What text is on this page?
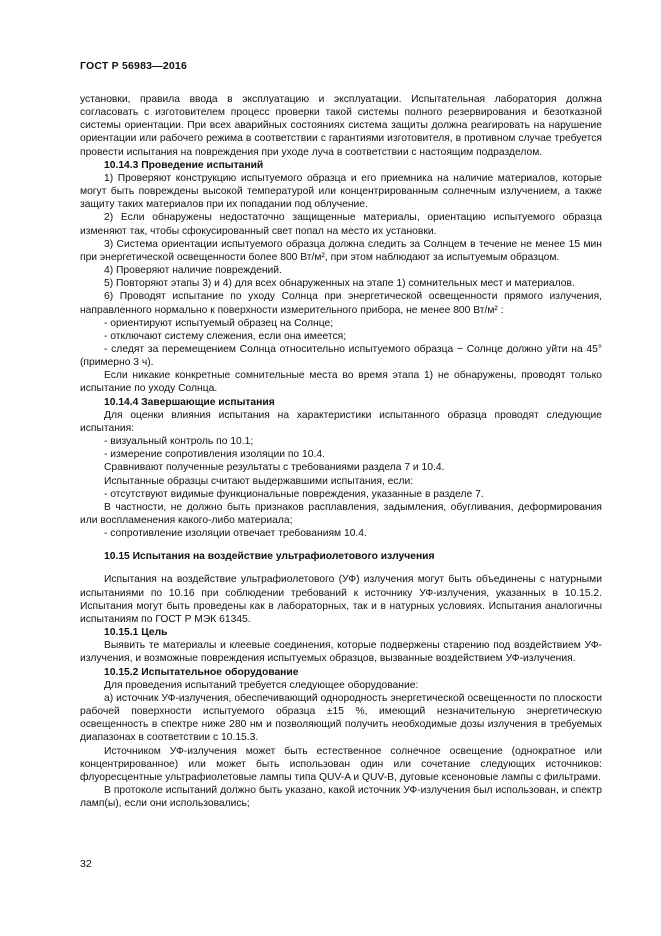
ГОСТ Р 56983—2016

установки, правила ввода в эксплуатацию и эксплуатации. Испытательная лаборатория должна согласовать с изготовителем процесс проверки такой системы полного резервирования и безотказной системы ориентации. При всех аварийных состояниях система защиты должна реагировать на нарушение ориентации или рабочего режима в соответствии с гарантиями изготовителя, в противном случае требуется провести испытания на повреждения при уходе луча в соответствии с настоящим подразделом.

10.14.3 Проведение испытаний

1) Проверяют конструкцию испытуемого образца и его приемника на наличие материалов, которые могут быть повреждены высокой температурой или концентрированным солнечным излучением, а также защиту таких материалов при их попадании под облучение.

2) Если обнаружены недостаточно защищенные материалы, ориентацию испытуемого образца изменяют так, чтобы сфокусированный свет попал на место их установки.

3) Система ориентации испытуемого образца должна следить за Солнцем в течение не менее 15 мин при энергетической освещенности более 800 Вт/м², при этом наблюдают за испытуемым образцом.

4) Проверяют наличие повреждений.

5) Повторяют этапы 3) и 4) для всех обнаруженных на этапе 1) сомнительных мест и материалов.

6) Проводят испытание по уходу Солнца при энергетической освещенности прямого излучения, направленного нормально к поверхности измерительного прибора, не менее 800 Вт/м² :

- ориентируют испытуемый образец на Солнце;

- отключают систему слежения, если она имеется;

- следят за перемещением Солнца относительно испытуемого образца − Солнце должно уйти на 45°(примерно 3 ч).

Если никакие конкретные сомнительные места во время этапа 1) не обнаружены, проводят только испытание по уходу Солнца.

10.14.4 Завершающие испытания

Для оценки влияния испытания на характеристики испытанного образца проводят следующие испытания:

- визуальный контроль по 10.1;

- измерение сопротивления изоляции по 10.4.

Сравнивают полученные результаты с требованиями раздела 7 и 10.4.

Испытанные образцы считают выдержавшими испытания, если:

- отсутствуют видимые функциональные повреждения, указанные в разделе 7.

В частности, не должно быть признаков расплавления, задымления, обугливания, деформирования или воспламенения какого-либо материала;

- сопротивление изоляции отвечает требованиям 10.4.

10.15 Испытания на воздействие ультрафиолетового излучения

Испытания на воздействие ультрафиолетового (УФ) излучения могут быть объединены с натурными испытаниями по 10.16 при соблюдении требований к источнику УФ-излучения, указанных в 10.15.2. Испытания могут быть проведены как в лабораторных, так и в натурных условиях. Испытания аналогичны испытаниям по ГОСТ Р МЭК 61345.

10.15.1 Цель

Выявить те материалы и клеевые соединения, которые подвержены старению под воздействием УФ-излучения, и возможные повреждения испытуемых образцов, вызванные воздействием УФ-излучения.

10.15.2 Испытательное оборудование

Для проведения испытаний требуется следующее оборудование:

а) источник УФ-излучения, обеспечивающий однородность энергетической освещенности по плоскости рабочей поверхности испытуемого образца ±15 %, имеющий незначительную энергетическую освещенность в спектре ниже 280 нм и позволяющий получить необходимые дозы излучения в требуемых диапазонах в соответствии с 10.15.3.

Источником УФ-излучения может быть естественное солнечное освещение (однократное или концентрированное) или может быть использован один или сочетание следующих источников: флуоресцентные ультрафиолетовые лампы типа QUV-A и QUV-B, дуговые ксеноновые лампы с фильтрами.

В протоколе испытаний должно быть указано, какой источник УФ-излучения был использован, и спектр ламп(ы), если они использовались;

32
